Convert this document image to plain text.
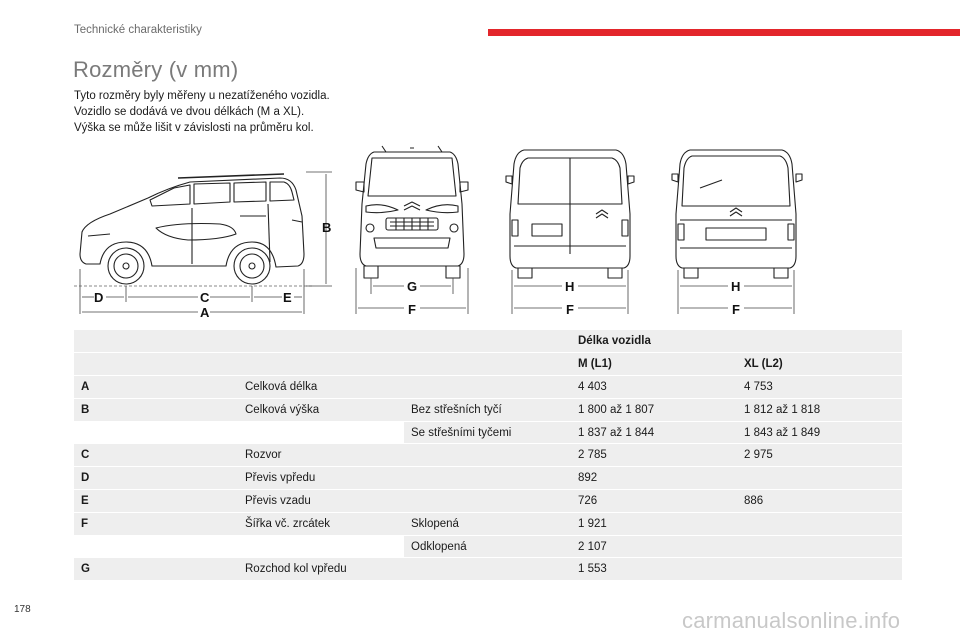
Technické charakteristiky
Rozměry (v mm)

Tyto rozměry byly měřeny u nezatíženého vozidla.

Vozidlo se dodává ve dvou délkách (M a XL).

Výška se může lišit v závislosti na průměru kol.

D	C	E
A
B
G
F
H
F
H
F
			Délka vozidla	
			M (L1)	XL (L2)
A	Celková délka		4 403	4 753
B	Celková výška	Bez střešních tyčí	1 800 až 1 807	1 812 až 1 818
		Se střešními tyčemi	1 837 až 1 844	1 843 až 1 849
C	Rozvor		2 785	2 975
D	Převis vpředu		892	
E	Převis vzadu		726	886
F	Šířka vč. zrcátek	Sklopená	1 921	
		Odklopená	2 107	
G	Rozchod kol vpředu		1 553	
178	carmanualsonline.info
